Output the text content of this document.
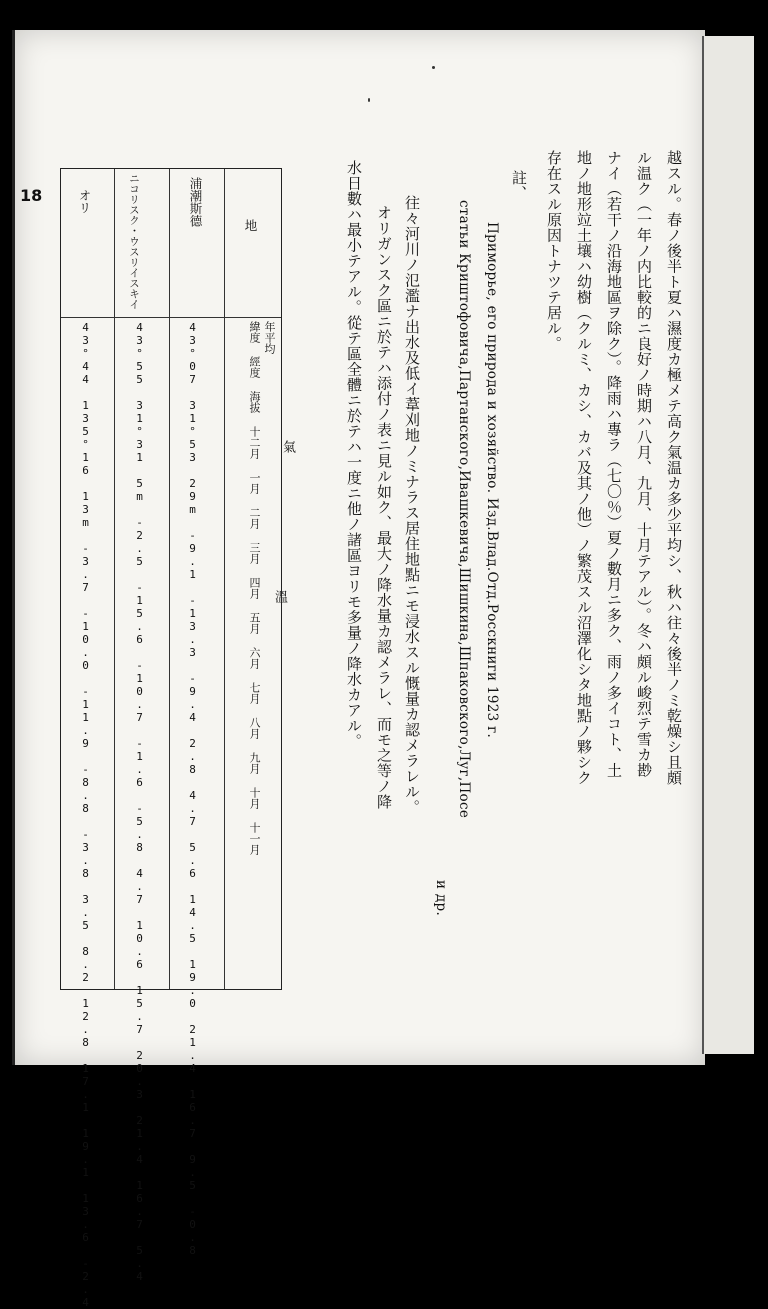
18	越スル。春ノ後半ト夏ハ濕度カ極メテ高ク氣温カ多少平均シ、秋ハ往々後半ノミ乾燥シ且頗
ル温ク（一年ノ内比較的ニ良好ノ時期ハ八月、九月、十月テアル）。冬ハ頗ル峻烈テ雪カ尠
ナイ（若干ノ沿海地區ヲ除ク）。降雨ハ專ラ（七〇％）夏ノ數月ニ多ク、雨ノ多イコト、土
地ノ地形竝土壤ハ幼樹（クルミ、カシ、カバ及其ノ他）ノ繁茂スル沼澤化シタ地點ノ夥シク
存在スル原因トナツテ居ル。
註、
Приморье, его природа и хозяйство. Изд.Влад.Отд.Росскниги 1923 г.
статьи Криштофовича,Партанского,Ивашкевича,Шишкина,Шпаковского,Луг,Посе
и др.
往々河川ノ氾濫ナ出水及低イ葦刈地ノミナラス居住地點ニモ浸水スル慨量カ認メラレル。
オリガンスク區ニ於テハ添付ノ表ニ見ル如ク、最大ノ降水量カ認メラレ、而モ之等ノ降
水日數ハ最小テアル。從テ區全體ニ於テハ一度ニ他ノ諸區ヨリモ多量ノ降水カアル。
氣
溫
地
浦潮斯德
ニコリスク・ウスリイスキイ
オリ
43°07 31°53 29m -9.1 -13.3 -9.4 2.8 4.7 5.6 14.5 19.0 21.4 16.7 9.5 -0.8
43°55 31°31 5m -2.5 -15.6 -10.7 -1.6 -5.8 4.7 10.6 15.7 20.3 21.4 16.7 5.4
43°44 135°16 13m -3.7 -10.0 -11.9 -8.8 -3.8 3.5 8.2 12.8 17.1 19.1 13.6 -2.4
緯度 經度 海拔 十二月 一月 二月 三月 四月 五月 六月 七月 八月 九月 十月 十一月
年平均
